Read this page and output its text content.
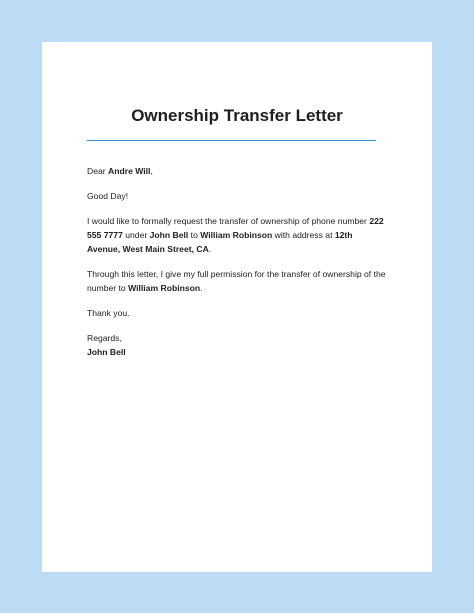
Ownership Transfer Letter

Dear Andre Will,

Good Day!

I would like to formally request the transfer of ownership of phone number 222 555 7777 under John Bell to William Robinson with address at 12th Avenue, West Main Street, CA.

Through this letter, I give my full permission for the transfer of ownership of the number to William Robinson.

Thank you.

Regards,
John Bell
